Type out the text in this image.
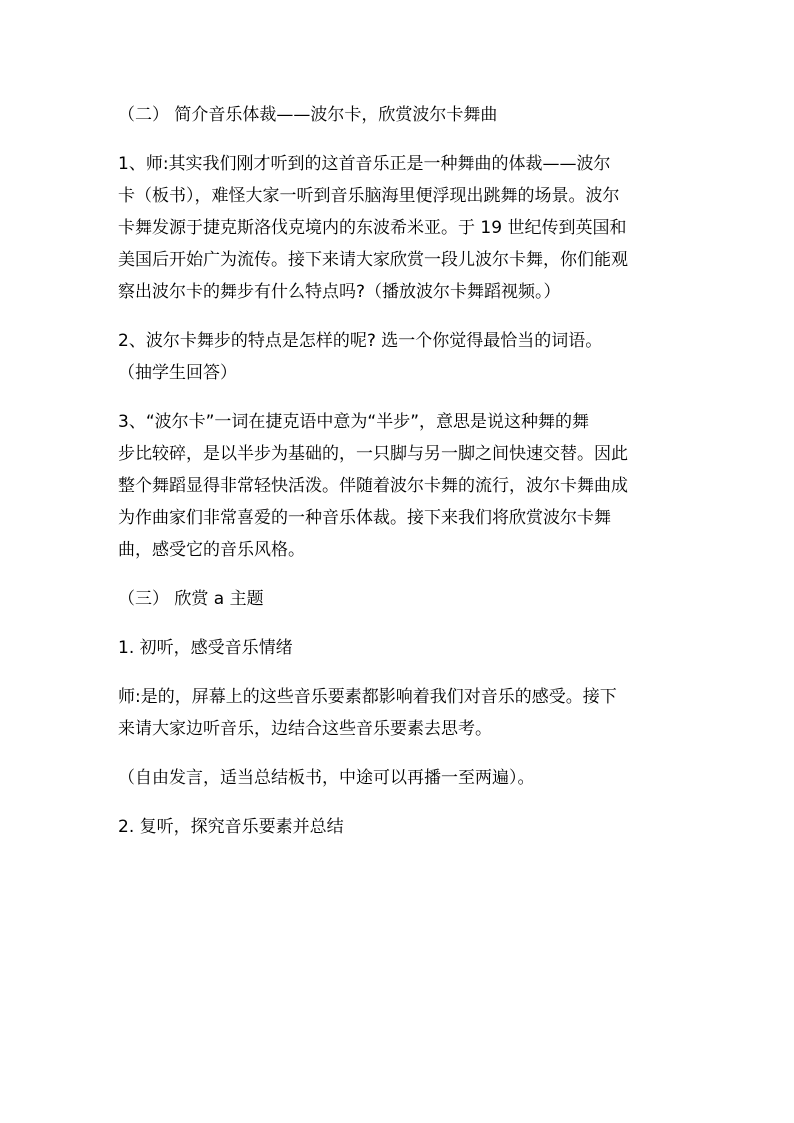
（二） 简介音乐体裁——波尔卡，欣赏波尔卡舞曲

1、师:其实我们刚才听到的这首音乐正是一种舞曲的体裁——波尔
卡（板书），难怪大家一听到音乐脑海里便浮现出跳舞的场景。波尔
卡舞发源于捷克斯洛伐克境内的东波希米亚。于 19 世纪传到英国和
美国后开始广为流传。接下来请大家欣赏一段儿波尔卡舞，你们能观
察出波尔卡的舞步有什么特点吗?（播放波尔卡舞蹈视频。）

2、波尔卡舞步的特点是怎样的呢? 选一个你觉得最恰当的词语。
（抽学生回答）

3、“波尔卡”一词在捷克语中意为“半步”，意思是说这种舞的舞
步比较碎，是以半步为基础的，一只脚与另一脚之间快速交替。因此
整个舞蹈显得非常轻快活泼。伴随着波尔卡舞的流行，波尔卡舞曲成
为作曲家们非常喜爱的一种音乐体裁。接下来我们将欣赏波尔卡舞
曲，感受它的音乐风格。

（三） 欣赏 a 主题

1. 初听，感受音乐情绪

师:是的，屏幕上的这些音乐要素都影响着我们对音乐的感受。接下
来请大家边听音乐，边结合这些音乐要素去思考。

（自由发言，适当总结板书，中途可以再播一至两遍）。

2. 复听，探究音乐要素并总结
